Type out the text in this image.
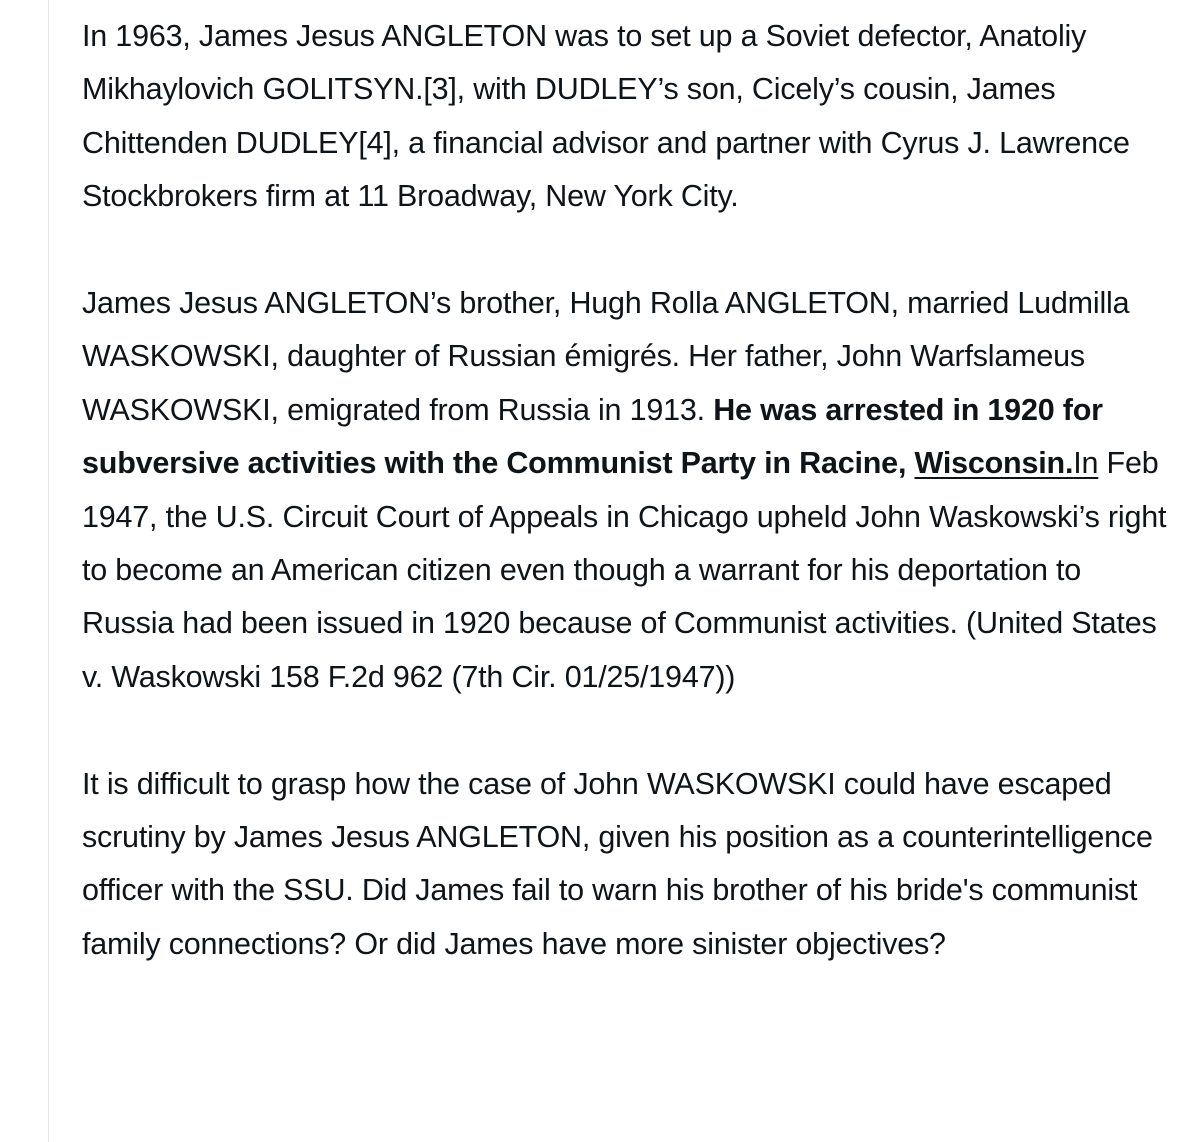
In 1963, James Jesus ANGLETON was to set up a Soviet defector, Anatoliy Mikhaylovich GOLITSYN.[3], with DUDLEY’s son, Cicely’s cousin, James Chittenden DUDLEY[4], a financial advisor and partner with Cyrus J. Lawrence Stockbrokers firm at 11 Broadway, New York City.

James Jesus ANGLETON’s brother, Hugh Rolla ANGLETON, married Ludmilla WASKOWSKI, daughter of Russian émigrés. Her father, John Warfslameus WASKOWSKI, emigrated from Russia in 1913. He was arrested in 1920 for subversive activities with the Communist Party in Racine, Wisconsin.In Feb 1947, the U.S. Circuit Court of Appeals in Chicago upheld John Waskowski’s right to become an American citizen even though a warrant for his deportation to Russia had been issued in 1920 because of Communist activities. (United States v. Waskowski 158 F.2d 962 (7th Cir. 01/25/1947))

It is difficult to grasp how the case of John WASKOWSKI could have escaped scrutiny by James Jesus ANGLETON, given his position as a counterintelligence officer with the SSU. Did James fail to warn his brother of his bride's communist family connections? Or did James have more sinister objectives?
